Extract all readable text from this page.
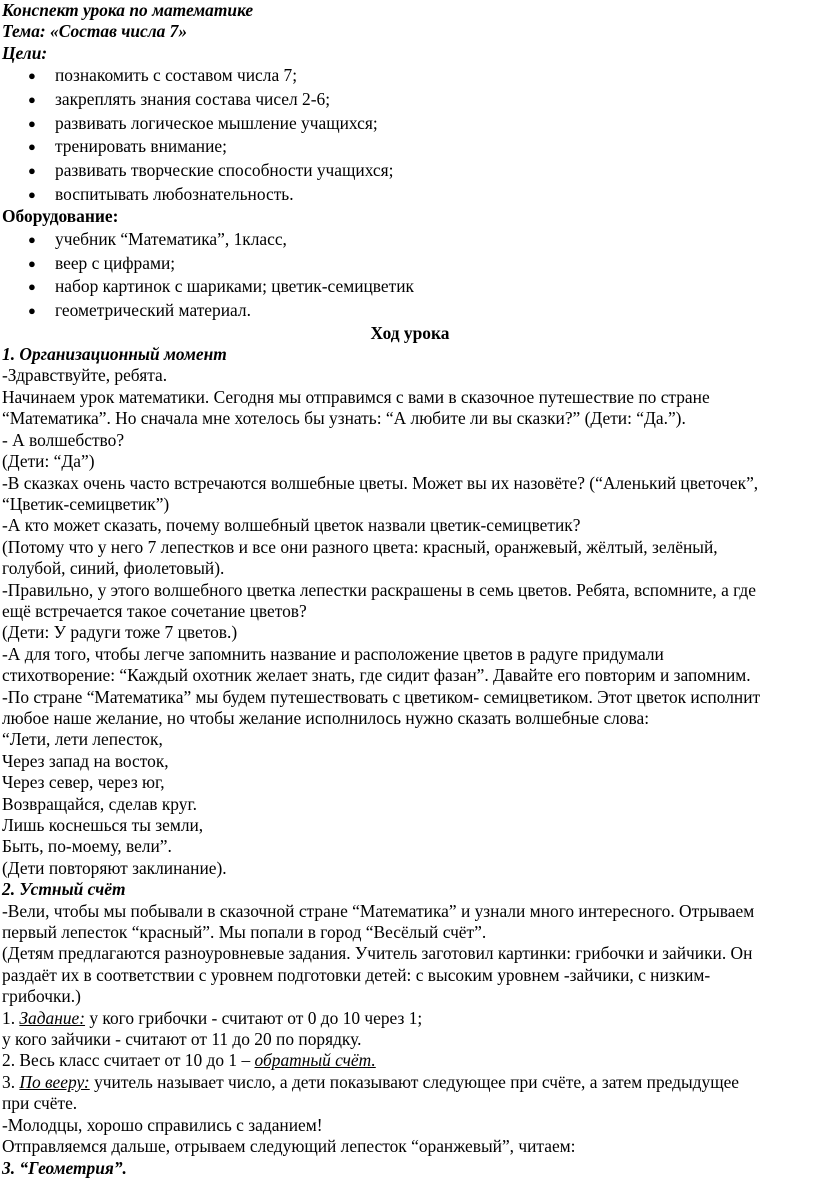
Конспект урока по математике
Тема: «Состав числа 7»
Цели:
● познакомить с составом числа 7;
● закреплять знания состава чисел 2-6;
● развивать логическое мышление учащихся;
● тренировать внимание;
● развивать творческие способности учащихся;
● воспитывать любознательность.
Оборудование:
● учебник “Математика”, 1класс,
● веер с цифрами;
● набор картинок с шариками; цветик-семицветик
● геометрический материал.
Ход урока
1. Организационный момент
-Здравствуйте, ребята.
Начинаем урок математики. Сегодня мы отправимся с вами в сказочное путешествие по стране
“Математика”. Но сначала мне хотелось бы узнать: “А любите ли вы сказки?” (Дети: “Да.”).
- А волшебство?
(Дети: “Да”)
-В сказках очень часто встречаются волшебные цветы. Может вы их назовёте? (“Аленький цветочек”,
“Цветик-семицветик”)
-А кто может сказать, почему волшебный цветок назвали цветик-семицветик?
(Потому что у него 7 лепестков и все они разного цвета: красный, оранжевый, жёлтый, зелёный,
голубой, синий, фиолетовый).
-Правильно, у этого волшебного цветка лепестки раскрашены в семь цветов. Ребята, вспомните, а где
ещё встречается такое сочетание цветов?
(Дети: У радуги тоже 7 цветов.)
-А для того, чтобы легче запомнить название и расположение цветов в радуге придумали
стихотворение: “Каждый охотник желает знать, где сидит фазан”. Давайте его повторим и запомним.
-По стране “Математика” мы будем путешествовать с цветиком- семицветиком. Этот цветок исполнит
любое наше желание, но чтобы желание исполнилось нужно сказать волшебные слова:
“Лети, лети лепесток,
Через запад на восток,
Через север, через юг,
Возвращайся, сделав круг.
Лишь коснешься ты земли,
Быть, по-моему, вели”.
(Дети повторяют заклинание).
2. Устный счёт
-Вели, чтобы мы побывали в сказочной стране “Математика” и узнали много интересного. Отрываем
первый лепесток “красный”. Мы попали в город “Весёлый счёт”.
(Детям предлагаются разноуровневые задания. Учитель заготовил картинки: грибочки и зайчики. Он
раздаёт их в соответствии с уровнем подготовки детей: с высоким уровнем -зайчики, с низким-
грибочки.)
1. Задание: у кого грибочки - считают от 0 до 10 через 1;
у кого зайчики - считают от 11 до 20 по порядку.
2. Весь класс считает от 10 до 1 – обратный счёт.
3. По вееру: учитель называет число, а дети показывают следующее при счёте, а затем предыдущее
при счёте.
-Молодцы, хорошо справились с заданием!
Отправляемся дальше, отрываем следующий лепесток “оранжевый”, читаем:
3. “Геометрия”.
